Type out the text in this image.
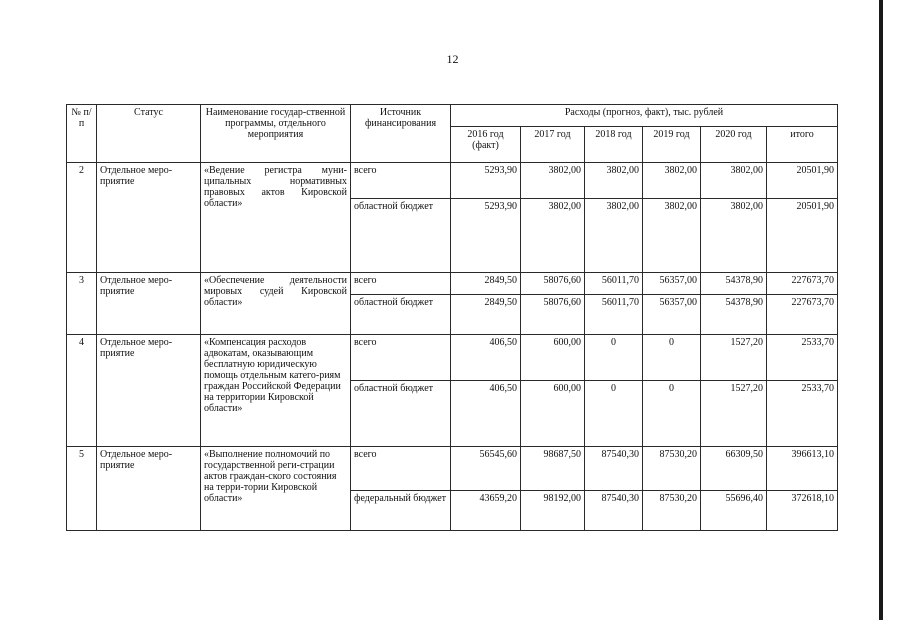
12
№ п/п	Статус	Наименование государ-ственной программы, отдельного мероприятия	Источник финансирования	Расходы (прогноз, факт), тыс. рублей					
				2016 год (факт)	2017 год	2018 год	2019 год	2020 год	итого
2	Отдельное меро-приятие	«Ведение регистра муни-ципальных нормативных правовых актов Кировской области»	всего	5293,90	3802,00	3802,00	3802,00	3802,00	20501,90
			областной бюджет	5293,90	3802,00	3802,00	3802,00	3802,00	20501,90
3	Отдельное меро-приятие	«Обеспечение деятельности мировых судей Кировской области»	всего	2849,50	58076,60	56011,70	56357,00	54378,90	227673,70
			областной бюджет	2849,50	58076,60	56011,70	56357,00	54378,90	227673,70
4	Отдельное меро-приятие	«Компенсация расходов адвокатам, оказывающим бесплатную юридическую помощь отдельным катего-риям граждан Российской Федерации на территории Кировской области»	всего	406,50	600,00	0	0	1527,20	2533,70
			областной бюджет	406,50	600,00	0	0	1527,20	2533,70
5	Отдельное меро-приятие	«Выполнение полномочий по государственной реги-страции актов граждан-ского состояния на терри-тории Кировской области»	всего	56545,60	98687,50	87540,30	87530,20	66309,50	396613,10
			федеральный бюджет	43659,20	98192,00	87540,30	87530,20	55696,40	372618,10
